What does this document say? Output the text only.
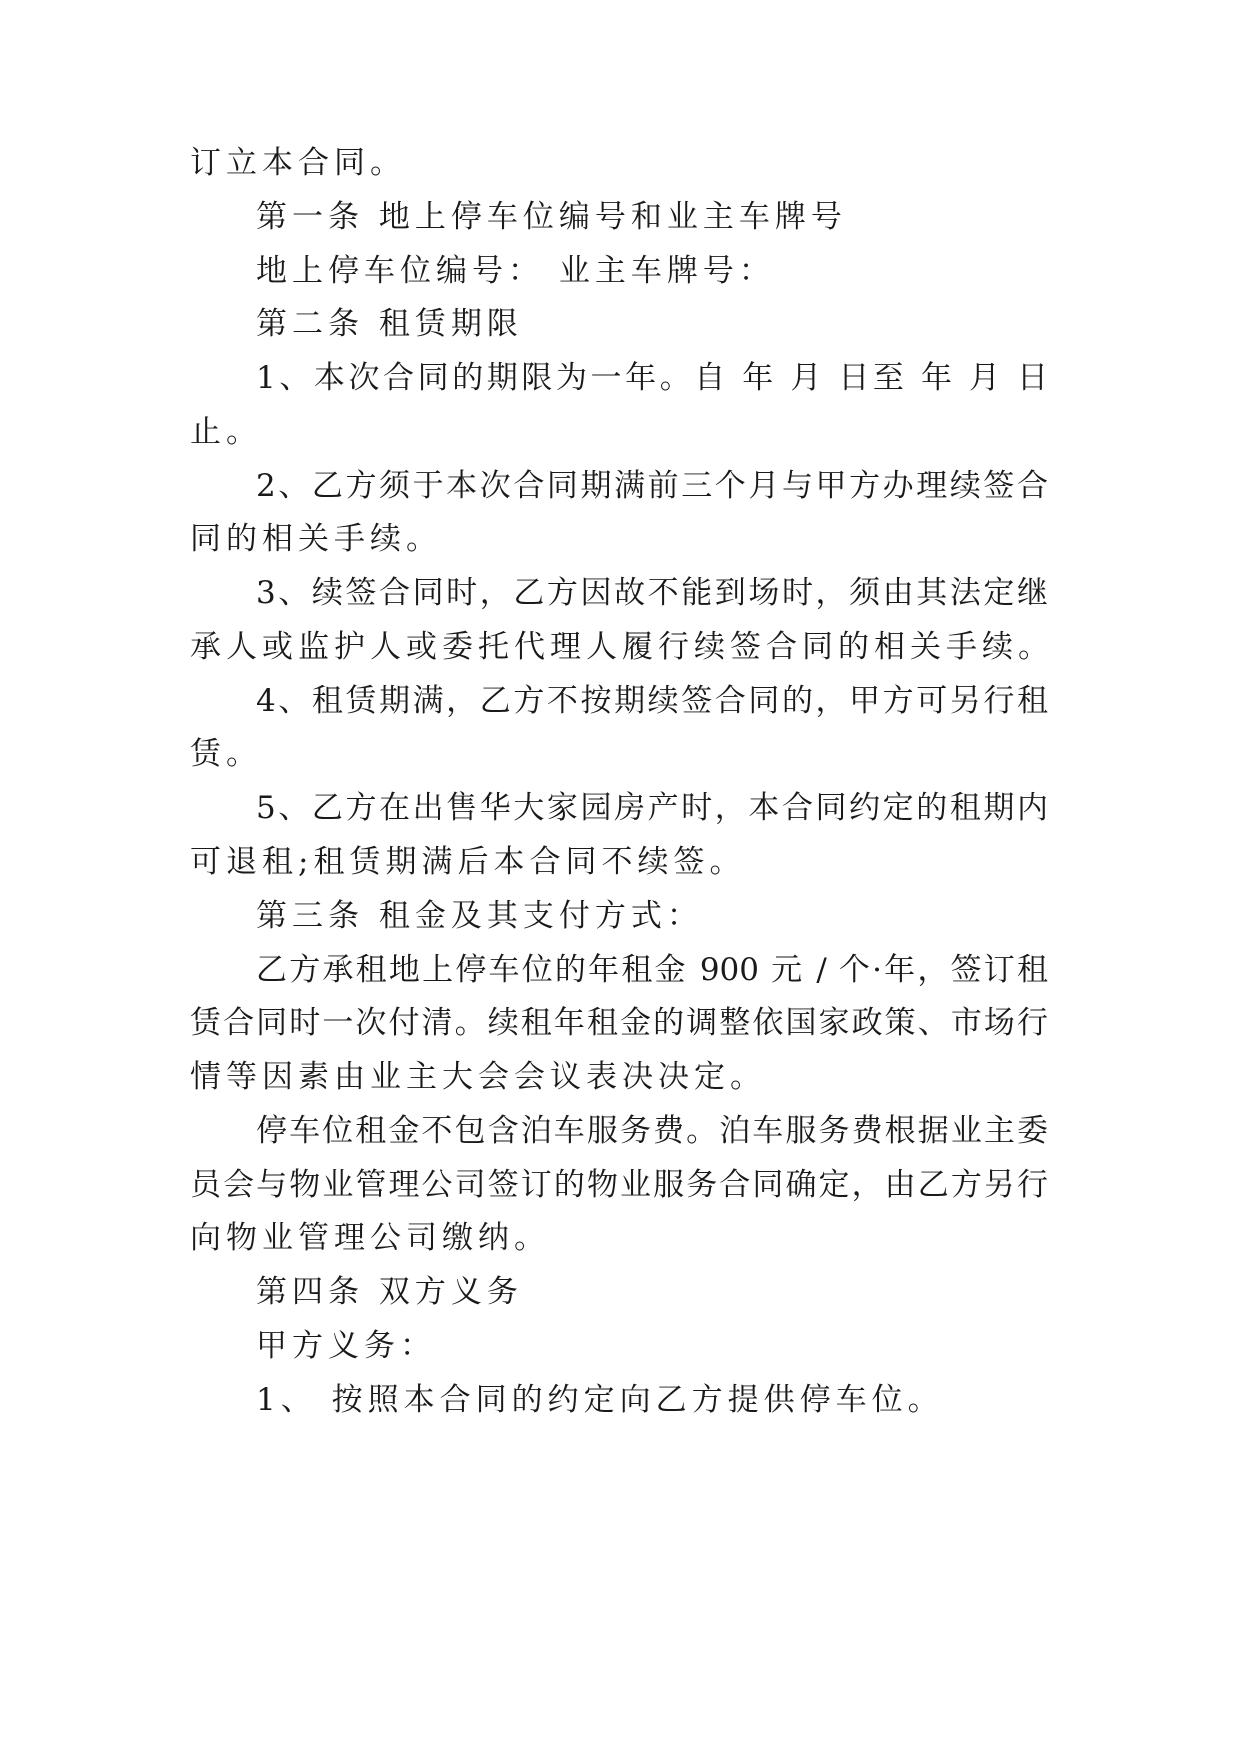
订立本合同。

第一条 地上停车位编号和业主车牌号

地上停车位编号： 业主车牌号：

第二条 租赁期限

1、本次合同的期限为一年。自 年 月 日至 年 月 日

止。

2、乙方须于本次合同期满前三个月与甲方办理续签合

同的相关手续。

3、续签合同时，乙方因故不能到场时，须由其法定继

承人或监护人或委托代理人履行续签合同的相关手续。

4、租赁期满，乙方不按期续签合同的，甲方可另行租

赁。

5、乙方在出售华大家园房产时，本合同约定的租期内

可退租;租赁期满后本合同不续签。

第三条 租金及其支付方式：

乙方承租地上停车位的年租金 900 元 / 个·年，签订租

赁合同时一次付清。续租年租金的调整依国家政策、市场行

情等因素由业主大会会议表决决定。

停车位租金不包含泊车服务费。泊车服务费根据业主委

员会与物业管理公司签订的物业服务合同确定，由乙方另行

向物业管理公司缴纳。

第四条 双方义务

甲方义务：

1、 按照本合同的约定向乙方提供停车位。
